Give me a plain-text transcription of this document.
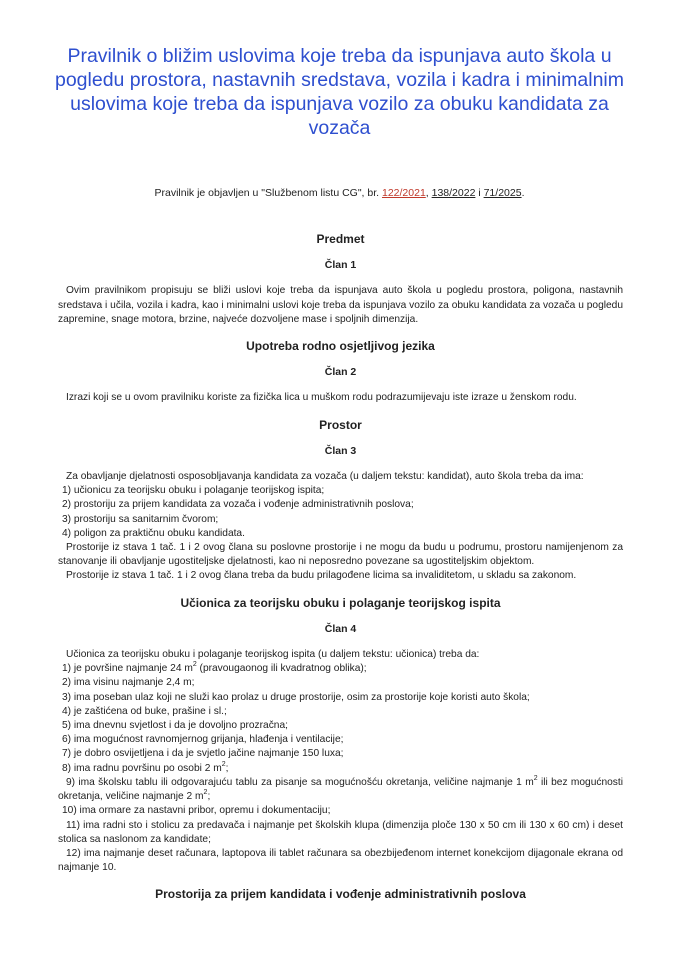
Pravilnik o bližim uslovima koje treba da ispunjava auto škola u pogledu prostora, nastavnih sredstava, vozila i kadra i minimalnim uslovima koje treba da ispunjava vozilo za obuku kandidata za vozača
Pravilnik je objavljen u "Službenom listu CG", br. 122/2021, 138/2022 i 71/2025.
Predmet
Član 1

Ovim pravilnikom propisuju se bliži uslovi koje treba da ispunjava auto škola u pogledu prostora, poligona, nastavnih sredstava i učila, vozila i kadra, kao i minimalni uslovi koje treba da ispunjava vozilo za obuku kandidata za vozača u pogledu zapremine, snage motora, brzine, najveće dozvoljene mase i spoljnih dimenzija.

Upotreba rodno osjetljivog jezika
Član 2

Izrazi koji se u ovom pravilniku koriste za fizička lica u muškom rodu podrazumijevaju iste izraze u ženskom rodu.

Prostor
Član 3

Za obavljanje djelatnosti osposobljavanja kandidata za vozača (u daljem tekstu: kandidat), auto škola treba da ima:

1) učionicu za teorijsku obuku i polaganje teorijskog ispita;

2) prostoriju za prijem kandidata za vozača i vođenje administrativnih poslova;

3) prostoriju sa sanitarnim čvorom;

4) poligon za praktičnu obuku kandidata.

Prostorije iz stava 1 tač. 1 i 2 ovog člana su poslovne prostorije i ne mogu da budu u podrumu, prostoru namijenjenom za stanovanje ili obavljanje ugostiteljske djelatnosti, kao ni neposredno povezane sa ugostiteljskim objektom.

Prostorije iz stava 1 tač. 1 i 2 ovog člana treba da budu prilagođene licima sa invaliditetom, u skladu sa zakonom.

Učionica za teorijsku obuku i polaganje teorijskog ispita
Član 4

Učionica za teorijsku obuku i polaganje teorijskog ispita (u daljem tekstu: učionica) treba da:

1) je površine najmanje 24 $m^2$ (pravougaonog ili kvadratnog oblika);

2) ima visinu najmanje 2,4 m;

3) ima poseban ulaz koji ne služi kao prolaz u druge prostorije, osim za prostorije koje koristi auto škola;

4) je zaštićena od buke, prašine i sl.;

5) ima dnevnu svjetlost i da je dovoljno prozračna;

6) ima mogućnost ravnomjernog grijanja, hlađenja i ventilacije;

7) je dobro osvijetljena i da je svjetlo jačine najmanje 150 luxa;

8) ima radnu površinu po osobi 2 $m^2$;

9) ima školsku tablu ili odgovarajuću tablu za pisanje sa mogućnošću okretanja, veličine najmanje 1 $m^2$ ili bez mogućnosti okretanja, veličine najmanje 2 $m^2$;

10) ima ormare za nastavni pribor, opremu i dokumentaciju;

11) ima radni sto i stolicu za predavača i najmanje pet školskih klupa (dimenzija ploče 130 x 50 cm ili 130 x 60 cm) i deset stolica sa naslonom za kandidate;

12) ima najmanje deset računara, laptopova ili tablet računara sa obezbijeđenom internet konekcijom dijagonale ekrana od najmanje 10.

Prostorija za prijem kandidata i vođenje administrativnih poslova
